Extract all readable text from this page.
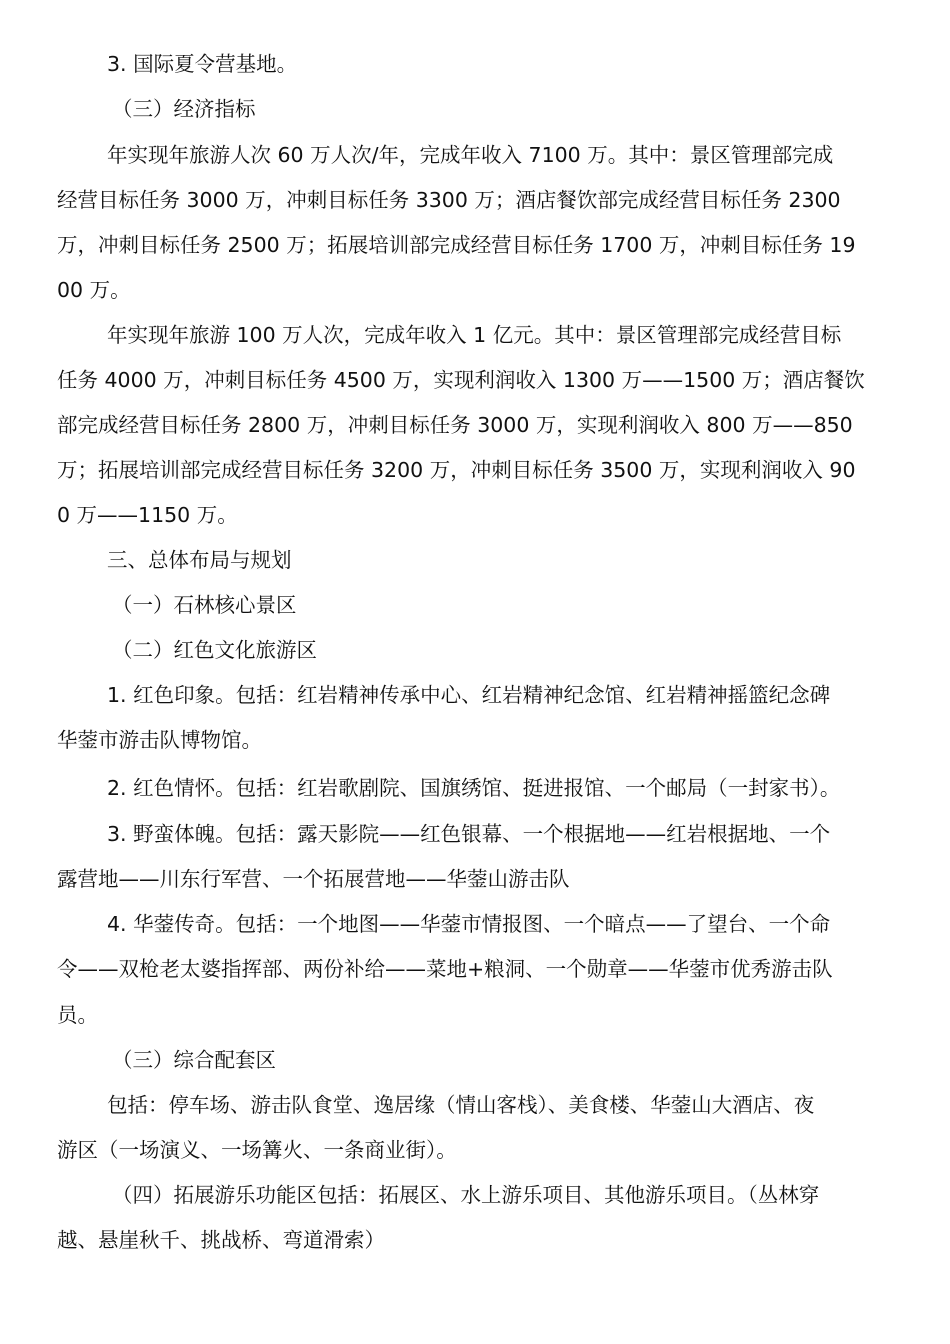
3. 国际夏令营基地。
（三）经济指标
年实现年旅游人次 60 万人次/年，完成年收入 7100 万。其中：景区管理部完成
经营目标任务 3000 万，冲刺目标任务 3300 万；酒店餐饮部完成经营目标任务 2300
万，冲刺目标任务 2500 万；拓展培训部完成经营目标任务 1700 万，冲刺目标任务 19
00 万。
年实现年旅游 100 万人次，完成年收入 1 亿元。其中：景区管理部完成经营目标
任务 4000 万，冲刺目标任务 4500 万，实现利润收入 1300 万——1500 万；酒店餐饮
部完成经营目标任务 2800 万，冲刺目标任务 3000 万，实现利润收入 800 万——850
万；拓展培训部完成经营目标任务 3200 万，冲刺目标任务 3500 万，实现利润收入 90
0 万——1150 万。
三、总体布局与规划
（一）石林核心景区
（二）红色文化旅游区
1. 红色印象。包括：红岩精神传承中心、红岩精神纪念馆、红岩精神摇篮纪念碑
华蓥市游击队博物馆。
2. 红色情怀。包括：红岩歌剧院、国旗绣馆、挺进报馆、一个邮局（一封家书）。
3. 野蛮体魄。包括：露天影院——红色银幕、一个根据地——红岩根据地、一个
露营地——川东行军营、一个拓展营地——华蓥山游击队
4. 华蓥传奇。包括：一个地图——华蓥市情报图、一个暗点——了望台、一个命
令——双枪老太婆指挥部、两份补给——菜地+粮洞、一个勋章——华蓥市优秀游击队
员。
（三）综合配套区
包括：停车场、游击队食堂、逸居缘（情山客栈）、美食楼、华蓥山大酒店、夜
游区（一场演义、一场篝火、一条商业街）。
（四）拓展游乐功能区包括：拓展区、水上游乐项目、其他游乐项目。（丛林穿
越、悬崖秋千、挑战桥、弯道滑索）
